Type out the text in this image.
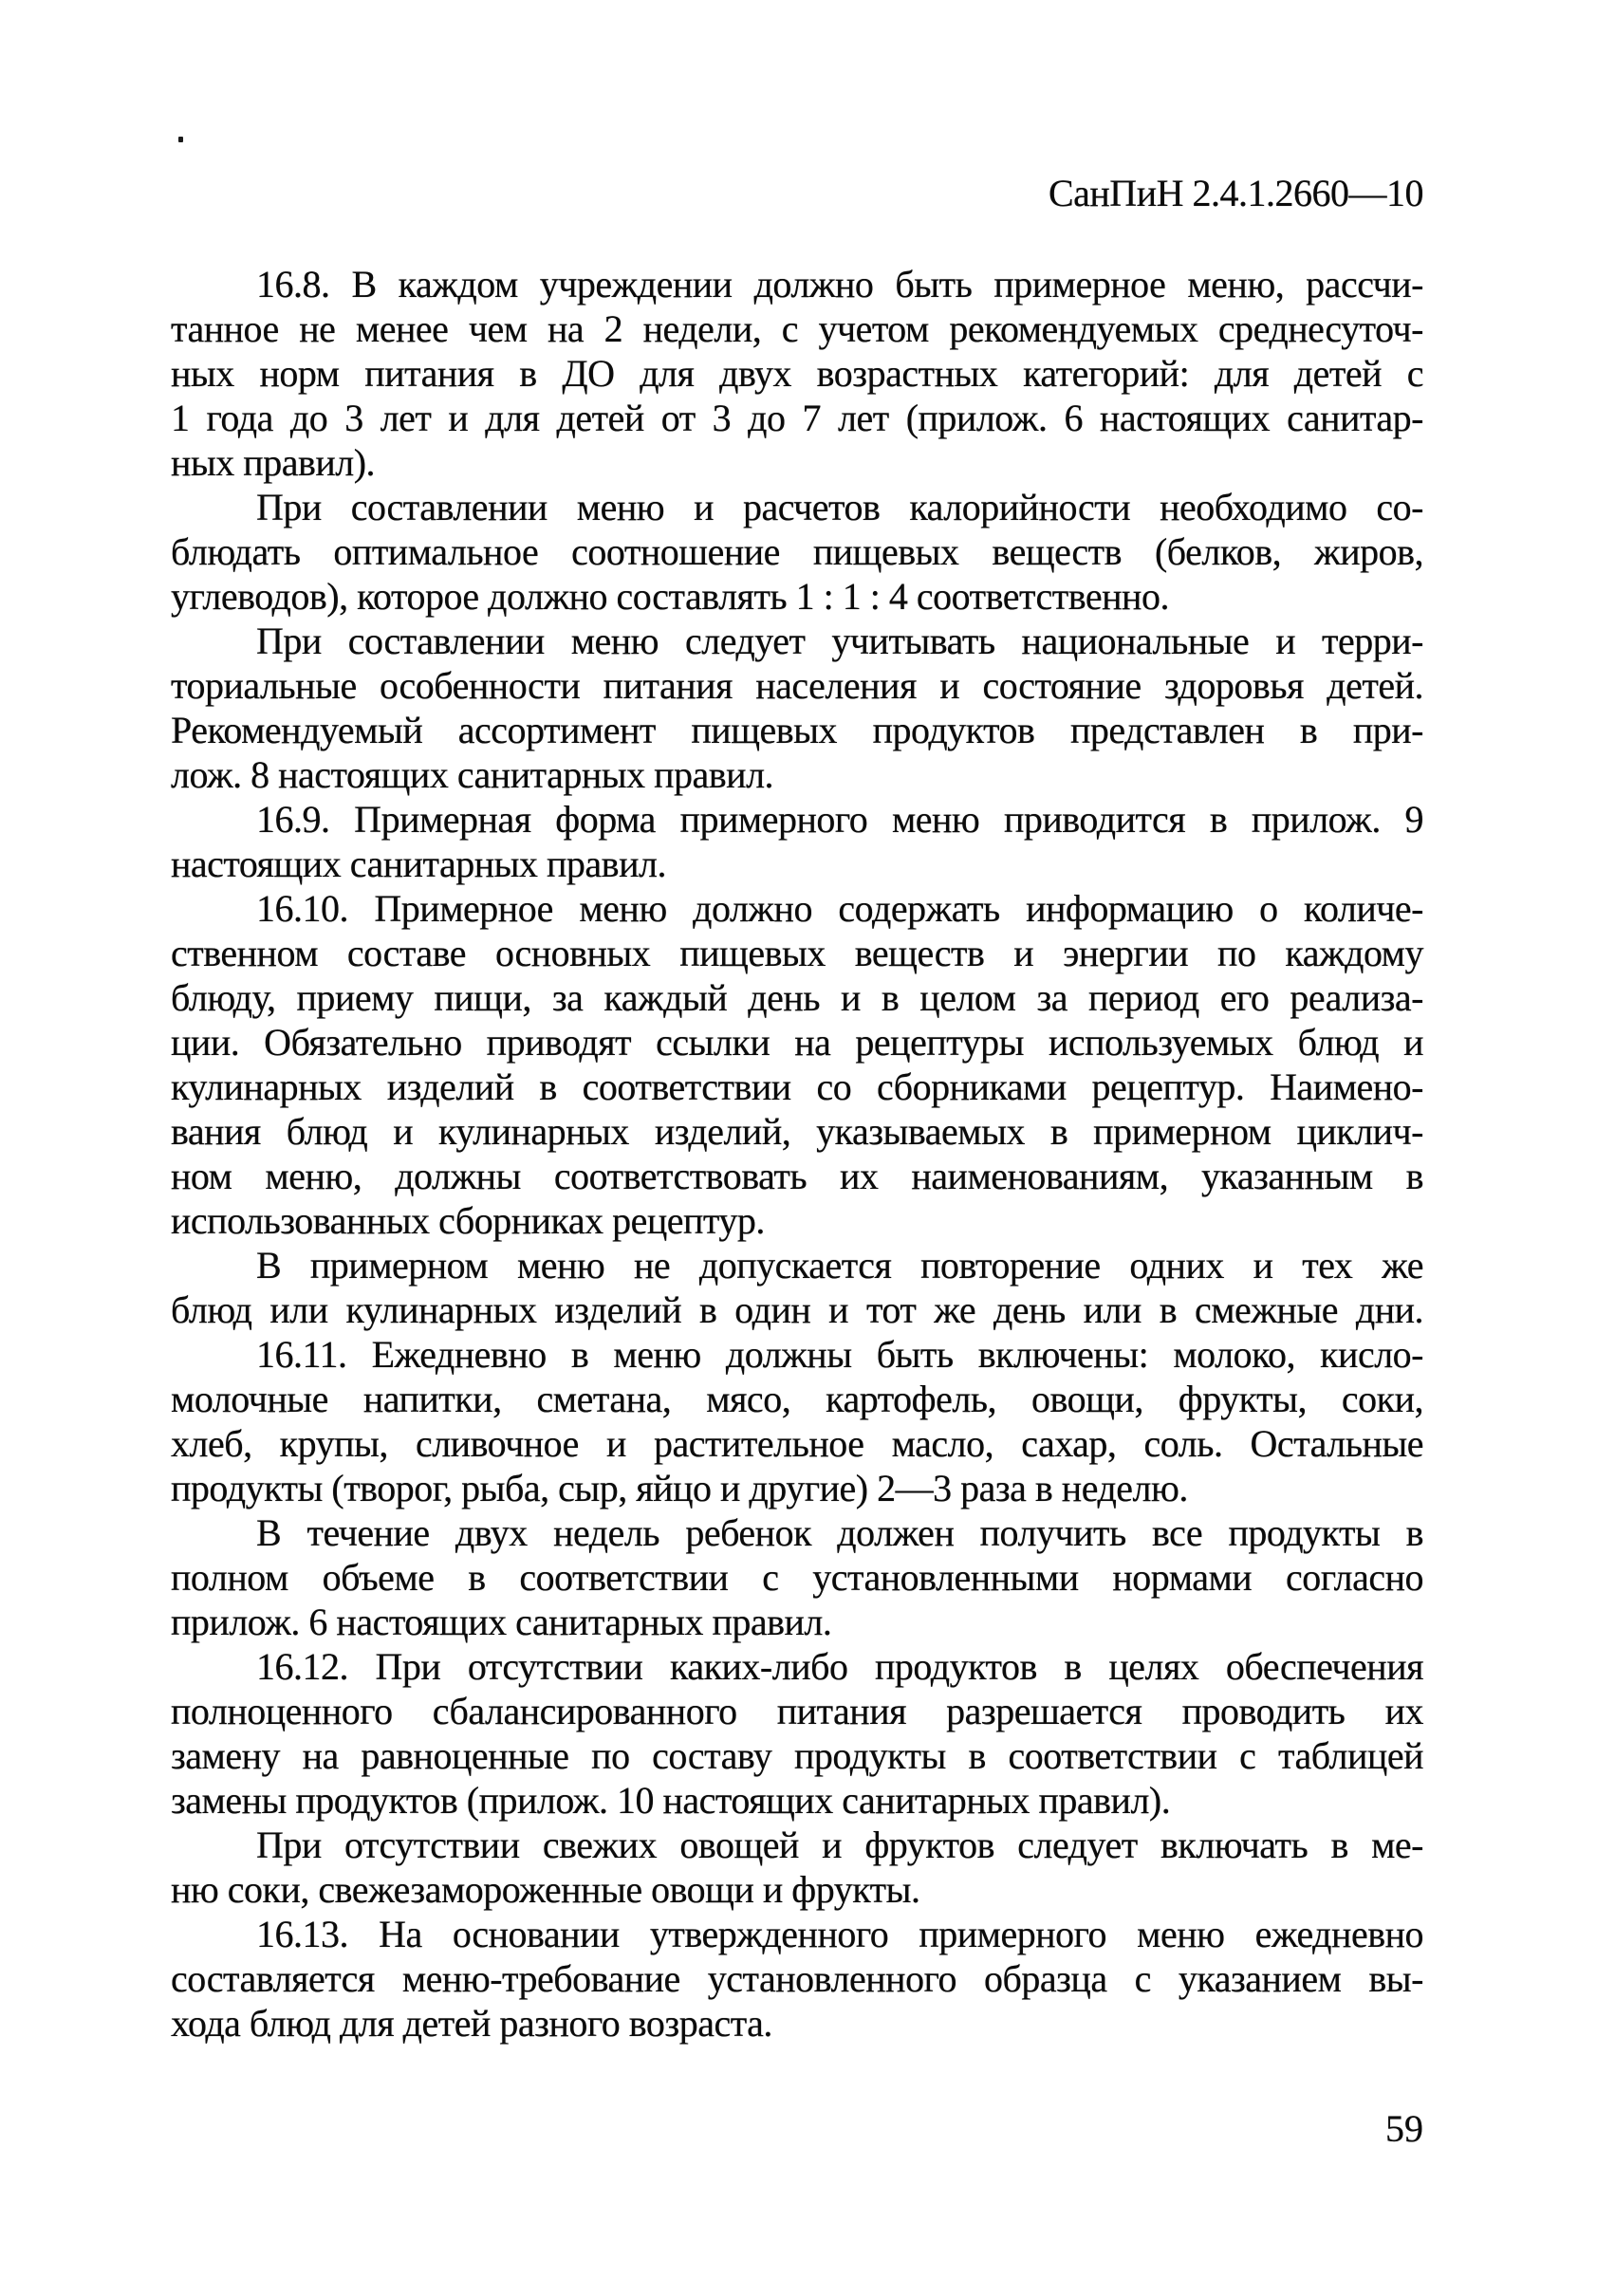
СанПиН 2.4.1.2660—10
16.8. В каждом учреждении должно быть примерное меню, рассчи-
танное не менее чем на 2 недели, с учетом рекомендуемых среднесуточ-
ных норм питания в ДО для двух возрастных категорий: для детей с
1 года до 3 лет и для детей от 3 до 7 лет (прилож. 6 настоящих санитар-
ных правил).
При составлении меню и расчетов калорийности необходимо со-
блюдать оптимальное соотношение пищевых веществ (белков, жиров,
углеводов), которое должно составлять 1 : 1 : 4 соответственно.
При составлении меню следует учитывать национальные и терри-
ториальные особенности питания населения и состояние здоровья детей.
Рекомендуемый ассортимент пищевых продуктов представлен в при-
лож. 8 настоящих санитарных правил.
16.9. Примерная форма примерного меню приводится в прилож. 9
настоящих санитарных правил.
16.10. Примерное меню должно содержать информацию о количе-
ственном составе основных пищевых веществ и энергии по каждому
блюду, приему пищи, за каждый день и в целом за период его реализа-
ции. Обязательно приводят ссылки на рецептуры используемых блюд и
кулинарных изделий в соответствии со сборниками рецептур. Наимено-
вания блюд и кулинарных изделий, указываемых в примерном циклич-
ном меню, должны соответствовать их наименованиям, указанным в
использованных сборниках рецептур.
В примерном меню не допускается повторение одних и тех же
блюд или кулинарных изделий в один и тот же день или в смежные дни.
16.11. Ежедневно в меню должны быть включены: молоко, кисло-
молочные напитки, сметана, мясо, картофель, овощи, фрукты, соки,
хлеб, крупы, сливочное и растительное масло, сахар, соль. Остальные
продукты (творог, рыба, сыр, яйцо и другие) 2—3 раза в неделю.
В течение двух недель ребенок должен получить все продукты в
полном объеме в соответствии с установленными нормами согласно
прилож. 6 настоящих санитарных правил.
16.12. При отсутствии каких-либо продуктов в целях обеспечения
полноценного сбалансированного питания разрешается проводить их
замену на равноценные по составу продукты в соответствии с таблицей
замены продуктов (прилож. 10 настоящих санитарных правил).
При отсутствии свежих овощей и фруктов следует включать в ме-
ню соки, свежезамороженные овощи и фрукты.
16.13. На основании утвержденного примерного меню ежедневно
составляется меню-требование установленного образца с указанием вы-
хода блюд для детей разного возраста.
59
